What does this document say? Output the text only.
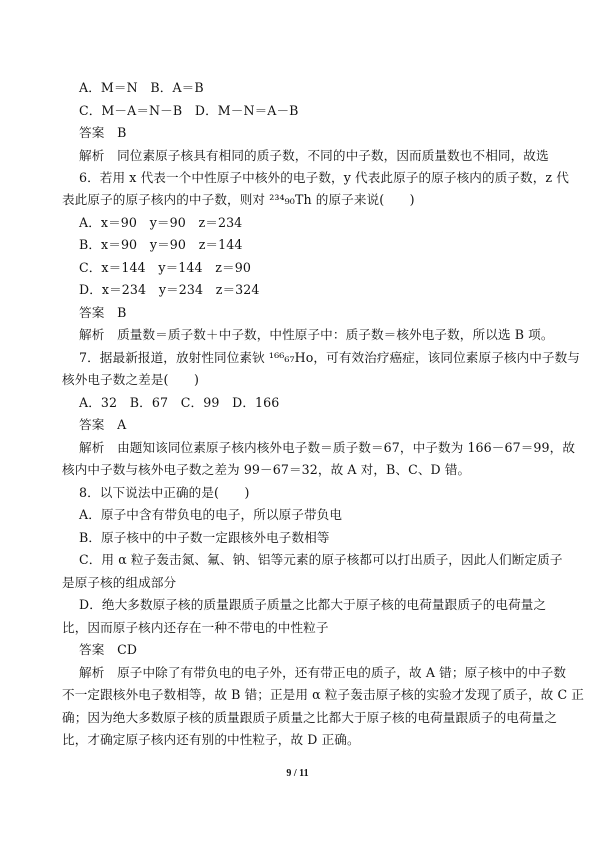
A．M＝N　B．A＝B
C．M－A＝N－B　D．M－N＝A－B
答案　B
解析　同位素原子核具有相同的质子数，不同的中子数，因而质量数也不相同，故选
6．若用 x 代表一个中性原子中核外的电子数，y 代表此原子的原子核内的质子数，z 代
表此原子的原子核内的中子数，则对 ²³⁴₉₀Th 的原子来说(　　)
A．x＝90　y＝90　z＝234
B．x＝90　y＝90　z＝144
C．x＝144　y＝144　z＝90
D．x＝234　y＝234　z＝324
答案　B
解析　质量数＝质子数＋中子数，中性原子中：质子数＝核外电子数，所以选 B 项。
7．据最新报道，放射性同位素钬 ¹⁶⁶₆₇Ho，可有效治疗癌症，该同位素原子核内中子数与
核外电子数之差是(　　)
A．32　B．67　C．99　D．166
答案　A
解析　由题知该同位素原子核内核外电子数＝质子数＝67，中子数为 166－67＝99，故
核内中子数与核外电子数之差为 99－67＝32，故 A 对，B、C、D 错。
8．以下说法中正确的是(　　)
A．原子中含有带负电的电子，所以原子带负电
B．原子核中的中子数一定跟核外电子数相等
C．用 α 粒子轰击氮、氟、钠、铝等元素的原子核都可以打出质子，因此人们断定质子
是原子核的组成部分
D．绝大多数原子核的质量跟质子质量之比都大于原子核的电荷量跟质子的电荷量之
比，因而原子核内还存在一种不带电的中性粒子
答案　CD
解析　原子中除了有带负电的电子外，还有带正电的质子，故 A 错；原子核中的中子数
不一定跟核外电子数相等，故 B 错；正是用 α 粒子轰击原子核的实验才发现了质子，故 C 正
确；因为绝大多数原子核的质量跟质子质量之比都大于原子核的电荷量跟质子的电荷量之
比，才确定原子核内还有别的中性粒子，故 D 正确。
9 / 11
